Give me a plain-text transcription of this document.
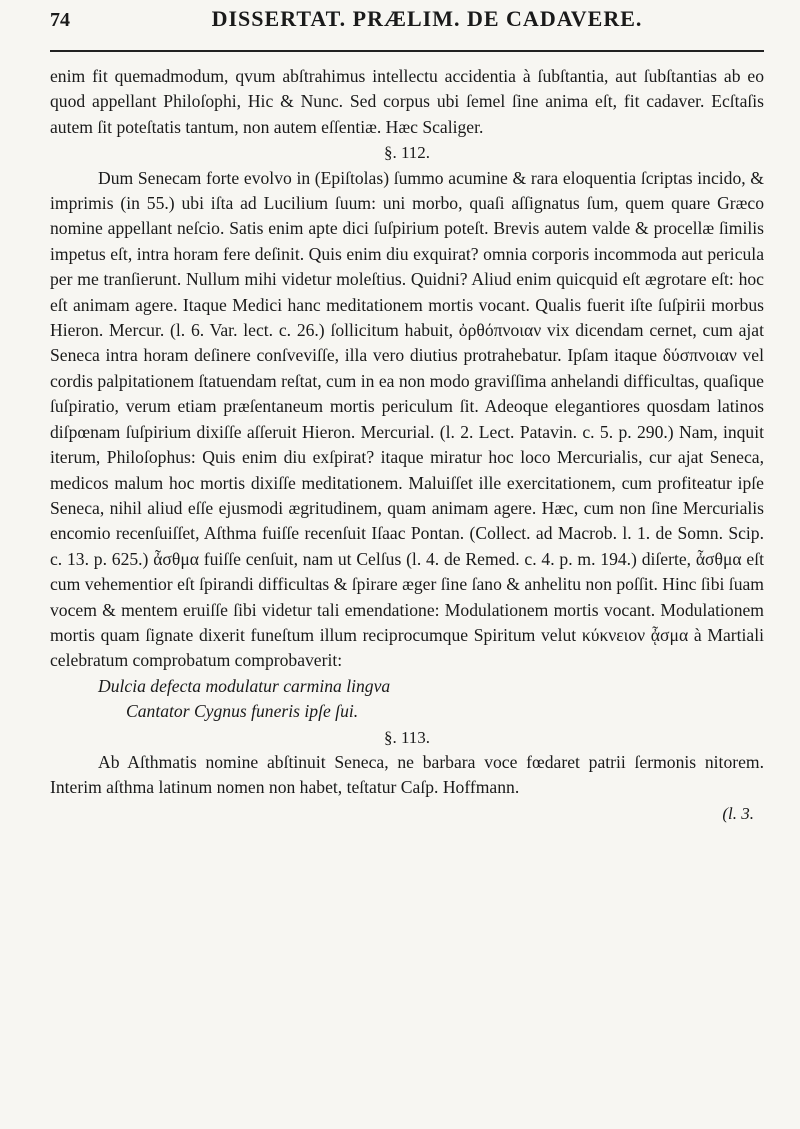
74	DISSERTAT. PRÆLIM. DE CADAVERE.

enim fit quemadmodum, qvum abſtrahimus intellectu accidentia à ſubſtantia, aut ſubſtantias ab eo quod appellant Philoſophi, Hic & Nunc. Sed corpus ubi ſemel ſine anima eſt, fit cadaver. Ecſtaſis autem ſit poteſtatis tantum, non autem eſſentiæ. Hæc Scaliger.

§. 112.

Dum Senecam forte evolvo in (Epiſtolas) ſummo acumine & rara eloquentia ſcriptas incido, & imprimis (in 55.) ubi iſta ad Lucilium ſuum: uni morbo, quaſi aſſignatus ſum, quem quare Græco nomine appellant neſcio. Satis enim apte dici ſuſpirium poteſt. Brevis autem valde & procellæ ſimilis impetus eſt, intra horam fere deſinit. Quis enim diu exquirat? omnia corporis incommoda aut pericula per me tranſierunt. Nullum mihi videtur moleſtius. Quidni? Aliud enim quicquid eſt ægrotare eſt: hoc eſt animam agere. Itaque Medici hanc meditationem mortis vocant. Qualis fuerit iſte ſuſpirii morbus Hieron. Mercur. (l. 6. Var. lect. c. 26.) ſollicitum habuit, ὀρθόπνοιαν vix dicendam cernet, cum ajat Seneca intra horam deſinere conſveviſſe, illa vero diutius protrahebatur. Ipſam itaque δύσπνοιαν vel cordis palpitationem ſtatuendam reſtat, cum in ea non modo graviſſima anhelandi difficultas, quaſique ſuſpiratio, verum etiam præſentaneum mortis periculum ſit. Adeoque elegantiores quosdam latinos diſpœnam ſuſpirium dixiſſe aſſeruit Hieron. Mercurial. (l. 2. Lect. Patavin. c. 5. p. 290.) Nam, inquit iterum, Philoſophus: Quis enim diu exſpirat? itaque miratur hoc loco Mercurialis, cur ajat Seneca, medicos malum hoc mortis dixiſſe meditationem. Maluiſſet ille exercitationem, cum profiteatur ipſe Seneca, nihil aliud eſſe ejusmodi ægritudinem, quam animam agere. Hæc, cum non ſine Mercurialis encomio recenſuiſſet, Aſthma fuiſſe recenſuit Iſaac Pontan. (Collect. ad Macrob. l. 1. de Somn. Scip. c. 13. p. 625.) ἆσθμα fuiſſe cenſuit, nam ut Celſus (l. 4. de Remed. c. 4. p. m. 194.) diſerte, ἆσθμα eſt cum vehementior eſt ſpirandi difficultas & ſpirare æger ſine ſano & anhelitu non poſſit. Hinc ſibi ſuam vocem & mentem eruiſſe ſibi videtur tali emendatione: Modulationem mortis vocant. Modulationem mortis quam ſignate dixerit funeſtum illum reciprocumque Spiritum velut κύκνειον ᾆσμα à Martiali celebratum comprobatum comprobaverit:

Dulcia defecta modulatur carmina lingva
Cantator Cygnus funeris ipſe ſui.
§. 113.

Ab Aſthmatis nomine abſtinuit Seneca, ne barbara voce fœdaret patrii ſermonis nitorem. Interim aſthma latinum nomen non habet, teſtatur Caſp. Hoffmann.

(l. 3.
